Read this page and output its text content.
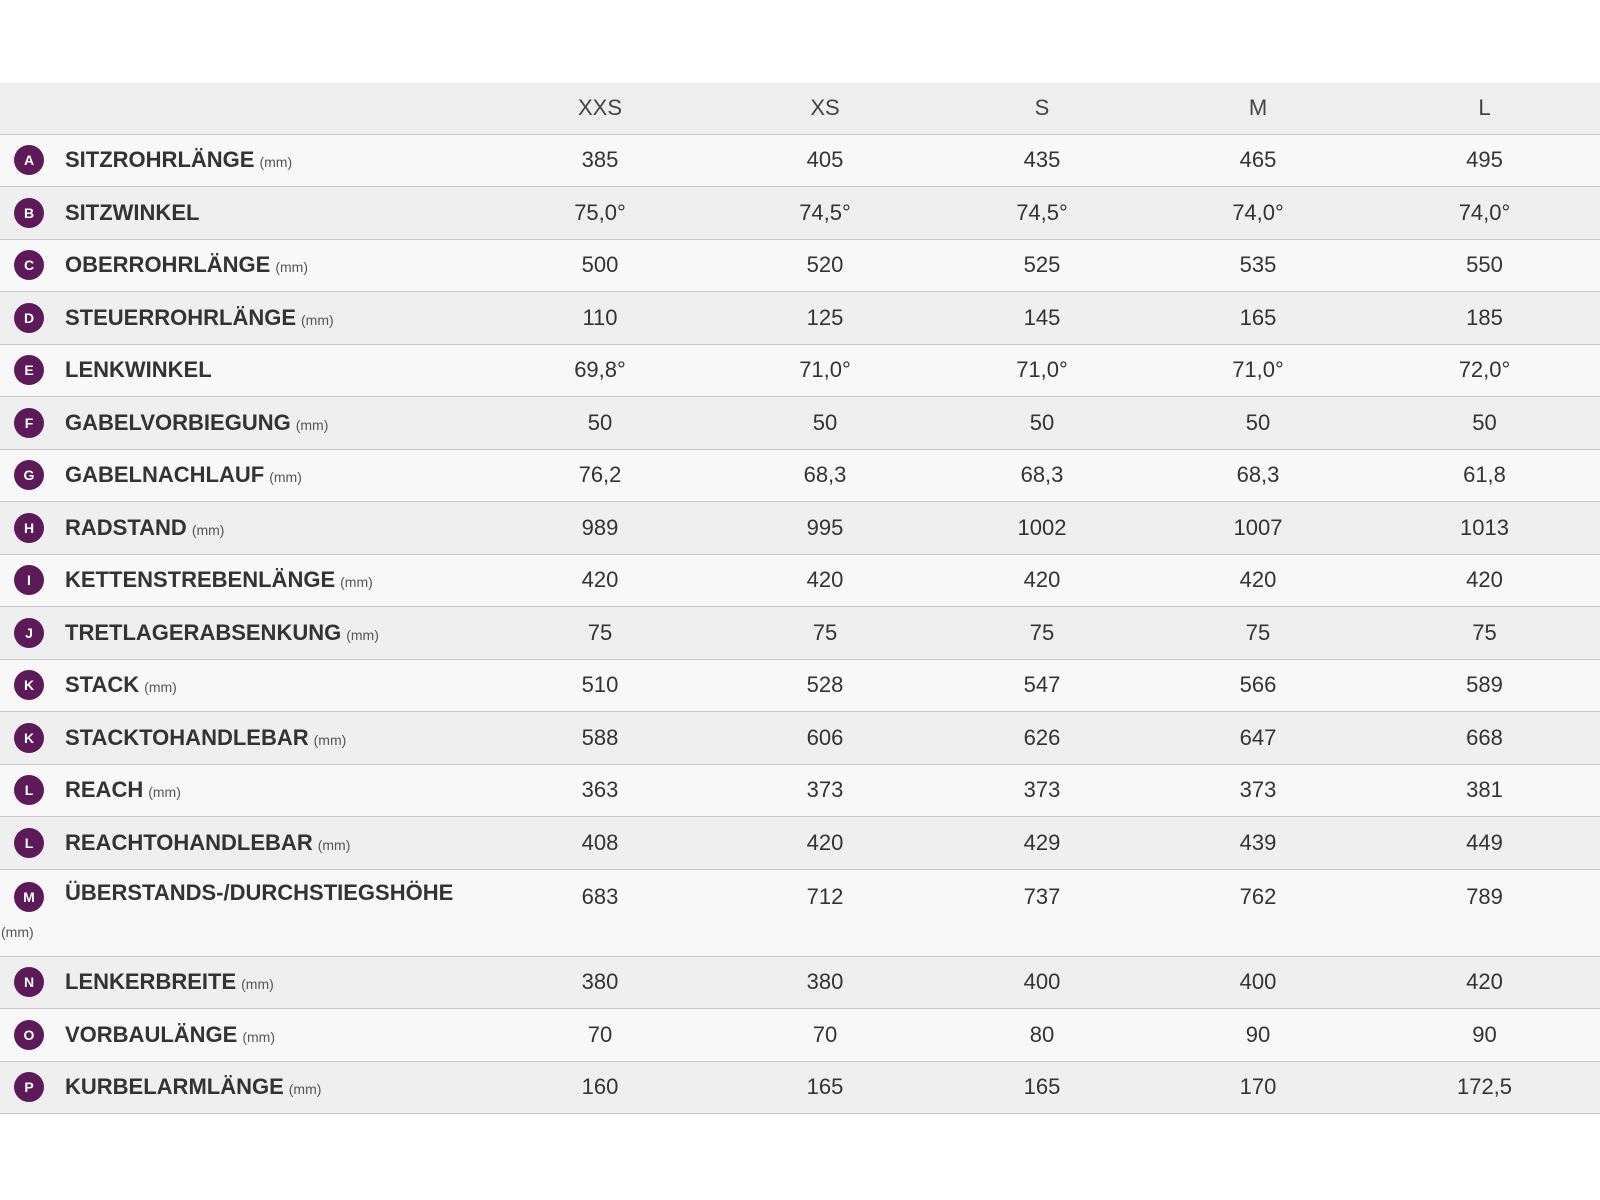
	XXS	XS	S	M	L

A SITZROHRLÄNGE (mm)	385	405	435	465	495

B SITZWINKEL	75,0°	74,5°	74,5°	74,0°	74,0°

C OBERROHRLÄNGE (mm)	500	520	525	535	550

D STEUERROHRLÄNGE (mm)	110	125	145	165	185

E LENKWINKEL	69,8°	71,0°	71,0°	71,0°	72,0°

F GABELVORBIEGUNG (mm)	50	50	50	50	50

G GABELNACHLAUF (mm)	76,2	68,3	68,3	68,3	61,8

H RADSTAND (mm)	989	995	1002	1007	1013

I KETTENSTREBENLÄNGE (mm)	420	420	420	420	420

J TRETLAGERABSENKUNG (mm)	75	75	75	75	75

K STACK (mm)	510	528	547	566	589

K STACKTOHANDLEBAR (mm)	588	606	626	647	668

L REACH (mm)	363	373	373	373	381

L REACHTOHANDLEBAR (mm)	408	420	429	439	449

M
(mm)
ÜBERSTANDS-/DURCHSTIEGSHÖHE	683	712	737	762	789

N LENKERBREITE (mm)	380	380	400	400	420

O VORBAULÄNGE (mm)	70	70	80	90	90

P KURBELARMLÄNGE (mm)	160	165	165	170	172,5
